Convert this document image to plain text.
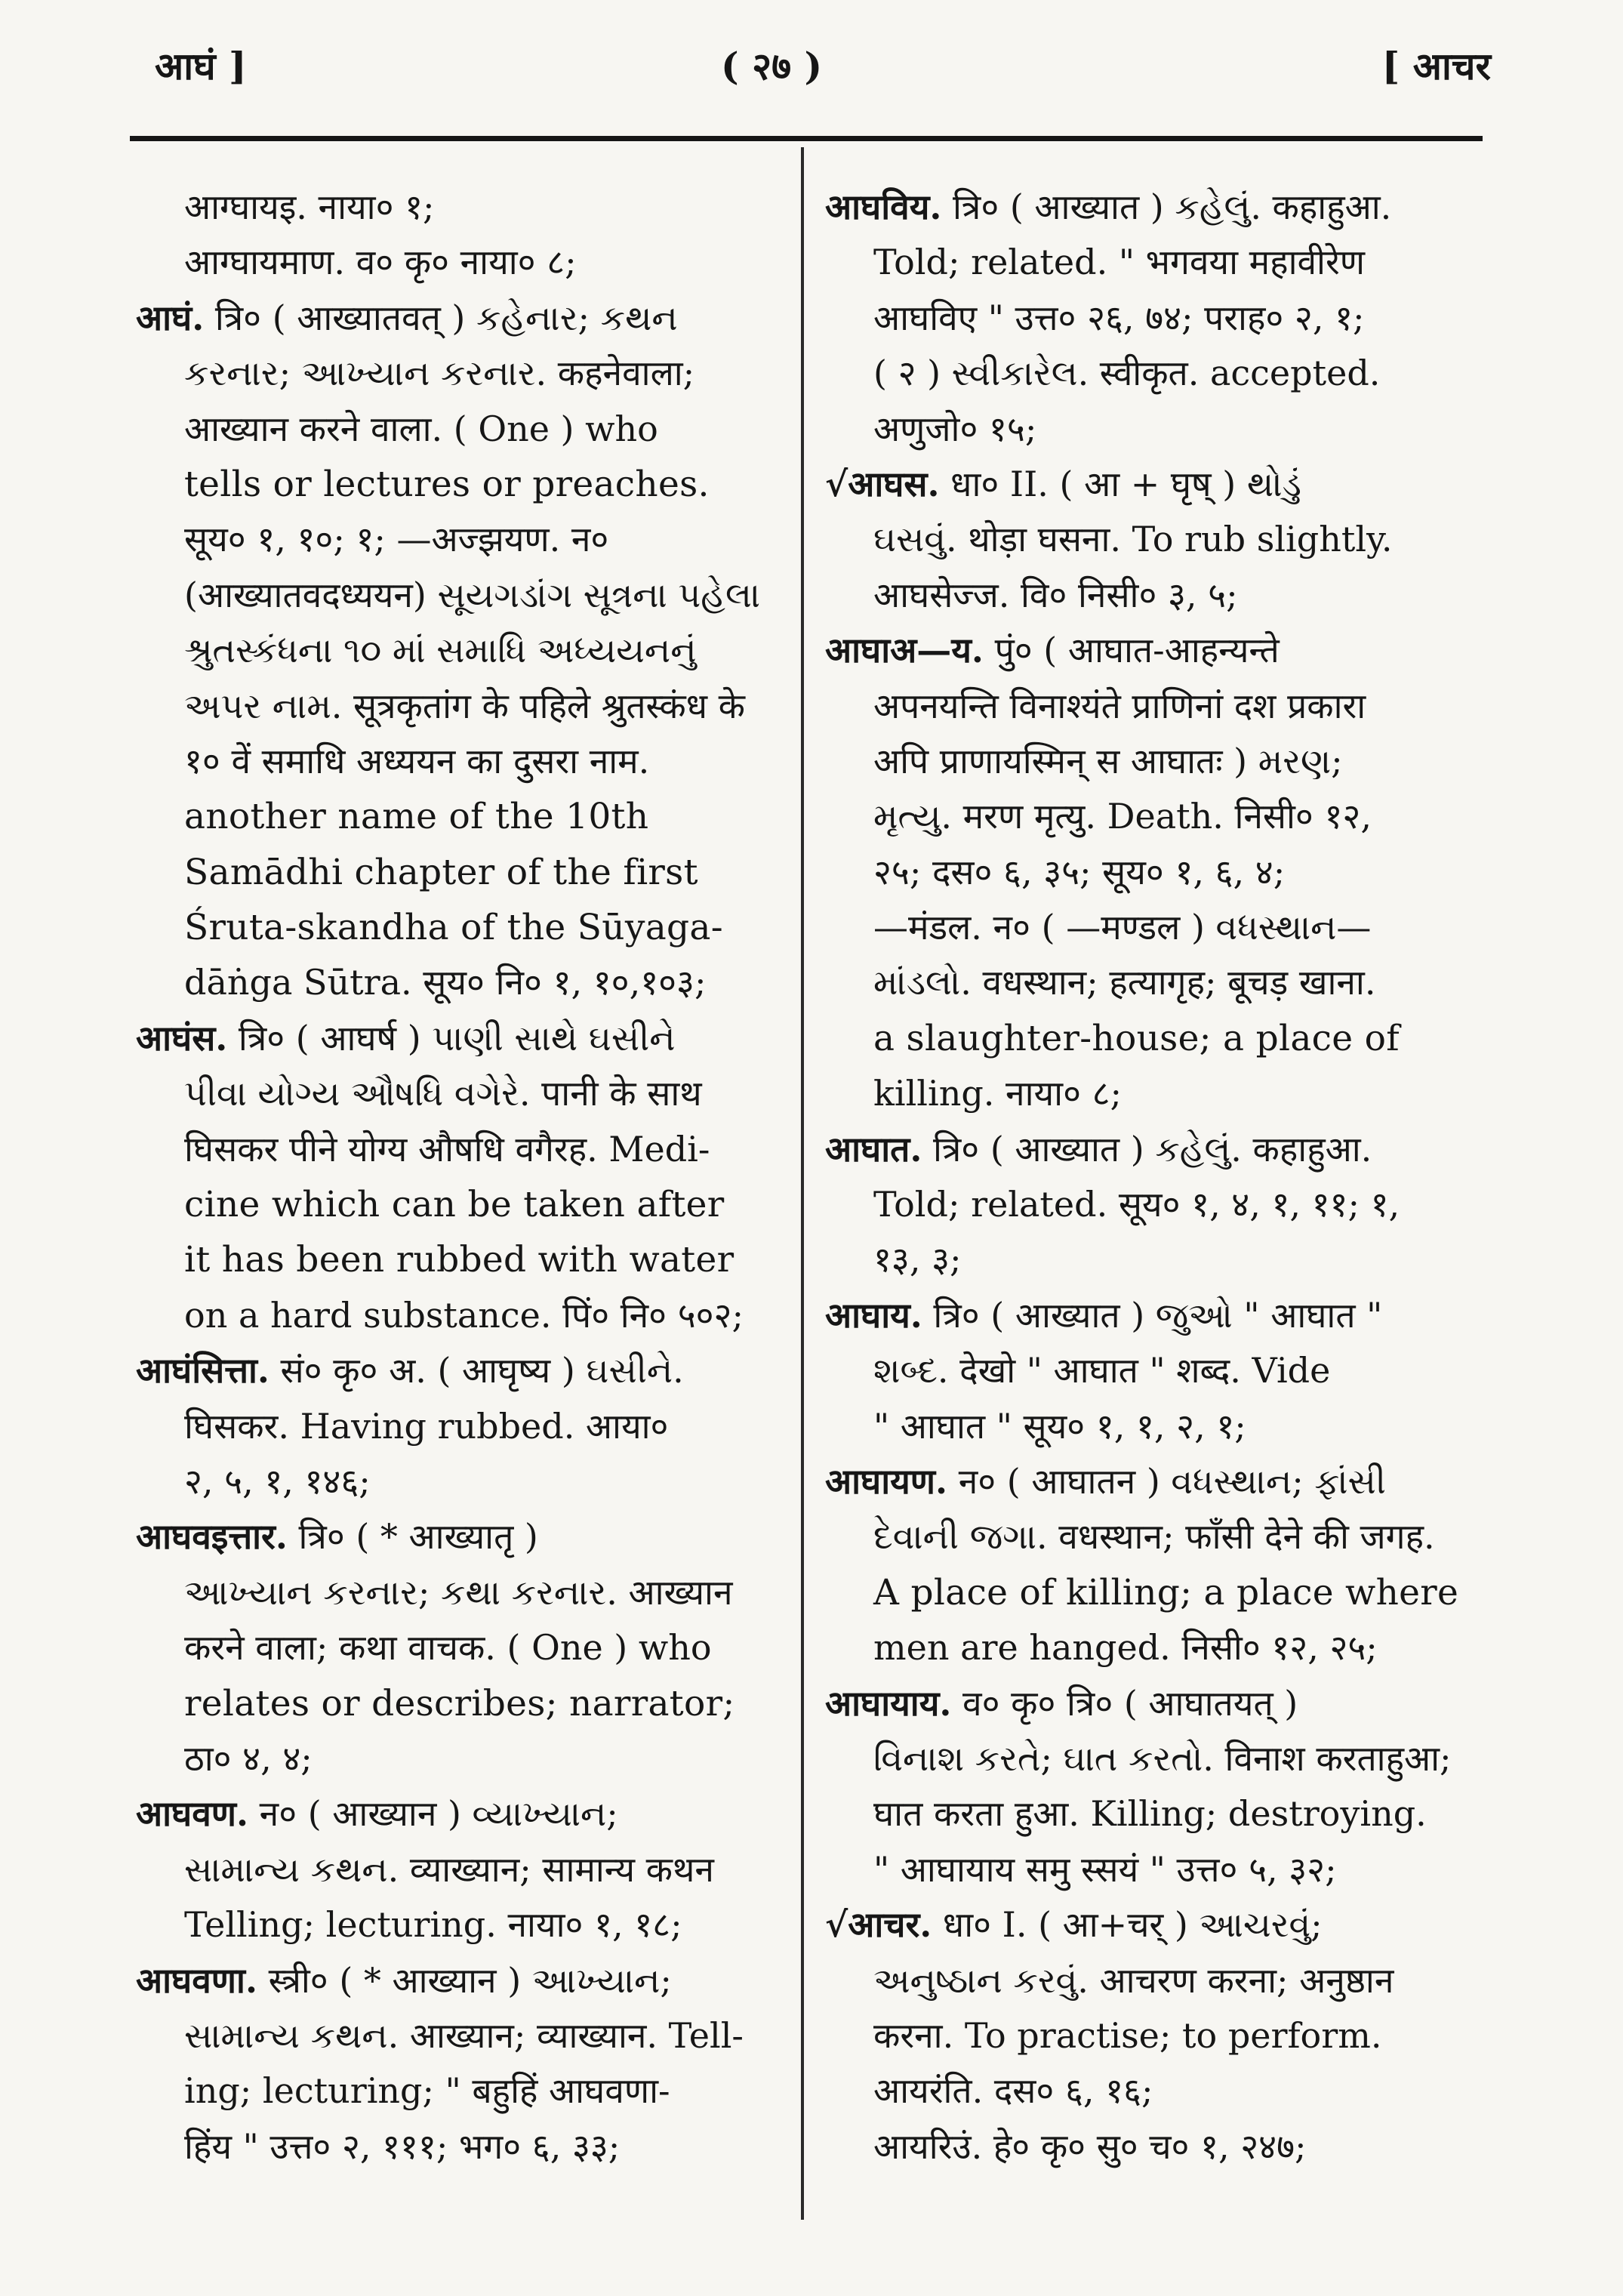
आघं ]	( २७ )	[ आचर
आग्घायइ. नाया० १;
आग्घायमाण. व० कृ० नाया० ८;
आघं. त्रि० ( आख्यातवत् ) કહેનાર; કથન
કરનાર; આખ્યાન કરનાર. कहनेवाला;
आख्यान करने वाला. ( One ) who
tells or lectures or preaches.
सूय० १, १०; १; —अज्झयण. न०
(आख्यातवदध्ययन) સૂયગડાંગ સૂત્રના પહેલા
શ્રુતસ્કંધના ૧૦ માં સમાધિ અધ્યયનનું
અપર નામ. सूत्रकृतांग के पहिले श्रुतस्कंध के
१० वें समाधि अध्ययन का दुसरा नाम.
another name of the 10th
Samādhi chapter of the first
Śruta-skandha of the Sūyaga-
dāṅga Sūtra. सूय० नि० १, १०,१०३;
आघंस. त्रि० ( आघर्ष ) પાણી સાથે ઘસીને
પીવા યોગ્ય ઔષધિ વગેરે. पानी के साथ
घिसकर पीने योग्य औषधि वगैरह. Medi-
cine which can be taken after
it has been rubbed with water
on a hard substance. पिं० नि० ५०२;
आघंसित्ता. सं० कृ० अ. ( आघृष्य ) ઘસીને.
घिसकर. Having rubbed. आया०
२, ५, १, १४६;
आघवइत्तार. त्रि० ( * आख्यातृ )
આખ્યાન કરનાર; કથા કરનાર. आख्यान
करने वाला; कथा वाचक. ( One ) who
relates or describes; narrator;
ठा० ४, ४;
आघवण. न० ( आख्यान ) વ્યાખ્યાન;
સામાન્ય કથન. व्याख्यान; सामान्य कथन
Telling; lecturing. नाया० १, १८;
आघवणा. स्त्री० ( * आख्यान ) આખ્યાન;
સામાન્ય કથન. आख्यान; व्याख्यान. Tell-
ing; lecturing; " बहुहिं आघवणा-
हिंय " उत्त० २, १११; भग० ६, ३३;
आघविय. त्रि० ( आख्यात ) કહેલું. कहाहुआ.
Told; related. " भगवया महावीरेण
आघविए " उत्त० २६, ७४; पराह० २, १;
( २ ) સ્વીકારેલ. स्वीकृत. accepted.
अणुजो० १५;
√आघस. धा० II. ( आ + घृष् ) થોડું
ઘસવું. थोड़ा घसना. To rub slightly.
आघसेज्ज. वि० निसी० ३, ५;
आघाअ—य. पुं० ( आघात-आहन्यन्ते
अपनयन्ति विनाश्यंते प्राणिनां दश प्रकारा
अपि प्राणायस्मिन् स आघातः ) મરણ;
મૃત્યુ. मरण मृत्यु. Death. निसी० १२,
२५; दस० ६, ३५; सूय० १, ६, ४;
—मंडल. न० ( —मण्डल ) વધસ્થાન—
માંડલો. वधस्थान; हत्यागृह; बूचड़ खाना.
a slaughter-house; a place of
killing. नाया० ८;
आघात. त्रि० ( आख्यात ) કહેલું. कहाहुआ.
Told; related. सूय० १, ४, १, ११; १,
१३, ३;
आघाय. त्रि० ( आख्यात ) જુઓ " आघात "
શબ્દ. देखो " आघात " शब्द. Vide
" आघात " सूय० १, १, २, १;
आघायण. न० ( आघातन ) વધસ્થાન; ફાંસી
દેવાની જગા. वधस्थान; फाँसी देने की जगह.
A place of killing; a place where
men are hanged. निसी० १२, २५;
आघायाय. व० कृ० त्रि० ( आघातयत् )
વિનાશ કરતે; ઘાત કરતો. विनाश करताहुआ;
घात करता हुआ. Killing; destroying.
" आघायाय समु स्सयं " उत्त० ५, ३२;
√आचर. धा० I. ( आ+चर् ) આચરવું;
અનુષ્ઠાન કરવું. आचरण करना; अनुष्ठान
करना. To practise; to perform.
आयरंति. दस० ६, १६;
आयरिउं. हे० कृ० सु० च० १, २४७;
